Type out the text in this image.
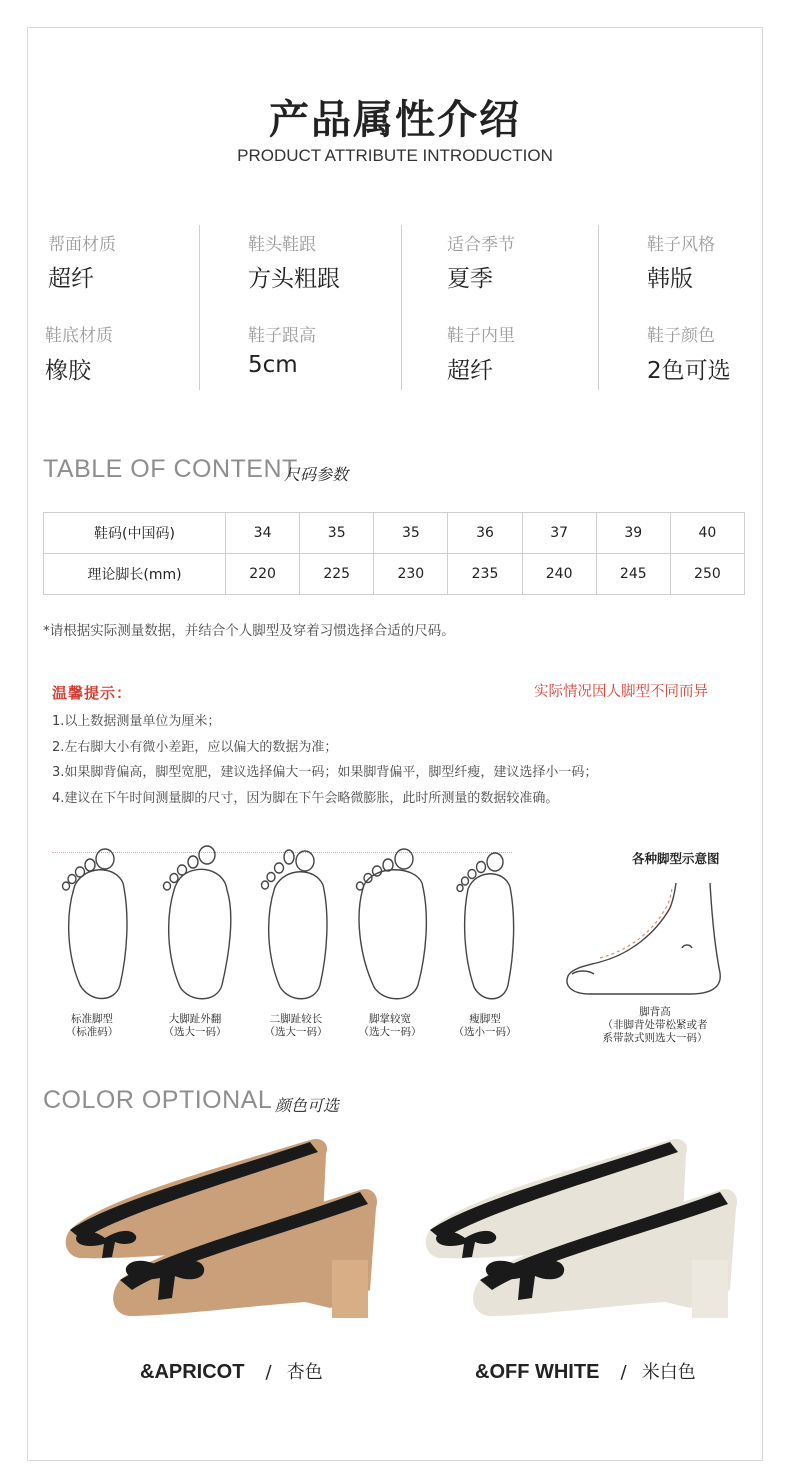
产品属性介绍
PRODUCT ATTRIBUTE INTRODUCTION
帮面材质
超纤
鞋头鞋跟
方头粗跟
适合季节
夏季
鞋子风格
韩版
鞋底材质
橡胶
鞋子跟高
5cm
鞋子内里
超纤
鞋子颜色
2色可选
TABLE OF CONTENT
尺码参数
鞋码(中国码)	34	35	35	36	37	39	40
理论脚长(mm)	220	225	230	235	240	245	250
*请根据实际测量数据，并结合个人脚型及穿着习惯选择合适的尺码。
温馨提示：	实际情况因人脚型不同而异
1.以上数据测量单位为厘米；
2.左右脚大小有微小差距，应以偏大的数据为准；
3.如果脚背偏高，脚型宽肥，建议选择偏大一码；如果脚背偏平，脚型纤瘦，建议选择小一码；
4.建议在下午时间测量脚的尺寸，因为脚在下午会略微膨胀，此时所测量的数据较准确。
标准脚型
（标准码）
大脚趾外翻
（选大一码）
二脚趾较长
（选大一码）
脚掌较宽
（选大一码）
瘦脚型
（选小一码）
各种脚型示意图
脚背高
（非脚背处带松紧或者
系带款式则选大一码）
COLOR OPTIONAL 颜色可选
&APRICOT / 杏色	&OFF WHITE / 米白色
